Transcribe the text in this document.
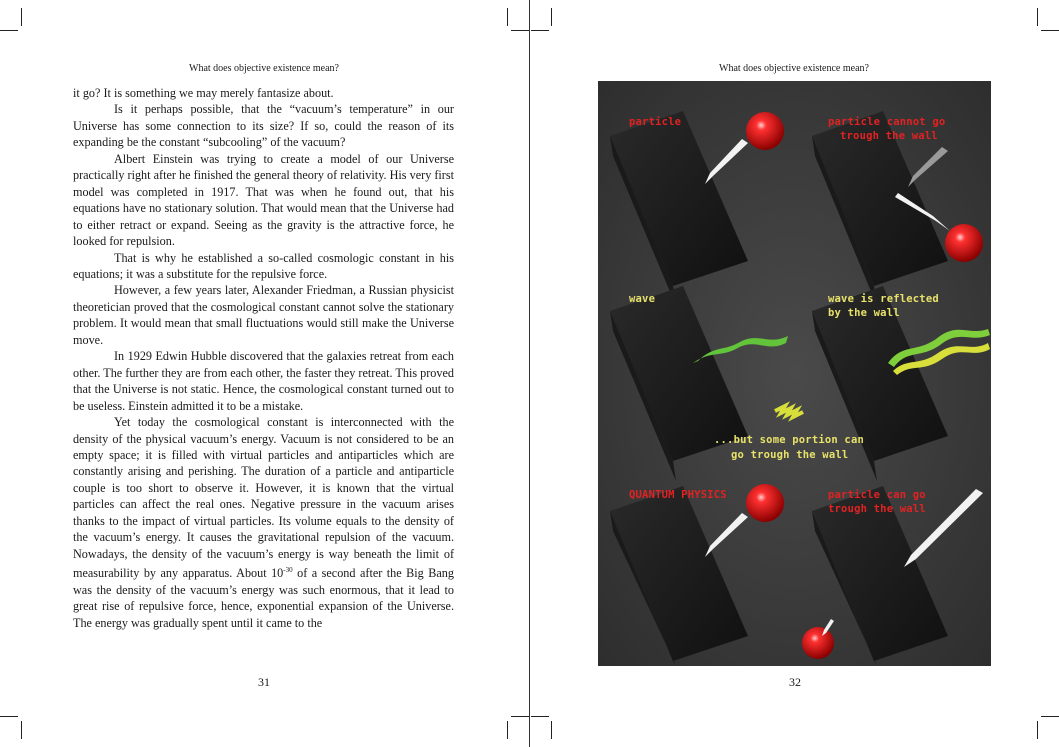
What does objective existence mean?

it go? It is something we may merely fantasize about.

Is it perhaps possible, that the “vacuum’s temperature” in our Universe has some connection to its size? If so, could the reason of its expanding be the constant “subcooling” of the vacuum?

Albert Einstein was trying to create a model of our Universe practically right after he finished the general theory of relativity. His very first model was completed in 1917. That was when he found out, that his equations have no stationary solution. That would mean that the Universe had to either retract or expand. Seeing as the gravity is the attractive force, he looked for repulsion.

That is why he established a so-called cosmologic constant in his equations; it was a substitute for the repulsive force.

However, a few years later, Alexander Friedman, a Russian physicist theoretician proved that the cosmological constant cannot solve the stationary problem. It would mean that small fluctuations would still make the Universe move.

In 1929 Edwin Hubble discovered that the galaxies retreat from each other. The further they are from each other, the faster they retreat. This proved that the Universe is not static. Hence, the cosmological constant turned out to be useless. Einstein admitted it to be a mistake.

Yet today the cosmological constant is interconnected with the density of the physical vacuum’s energy. Vacuum is not considered to be an empty space; it is filled with virtual particles and antiparticles which are constantly arising and perishing. The duration of a particle and antiparticle couple is too short to observe it. However, it is known that the virtual particles can affect the real ones. Negative pressure in the vacuum arises thanks to the impact of virtual particles. Its volume equals to the density of the vacuum’s energy. It causes the gravitational repulsion of the vacuum. Nowadays, the density of the vacuum’s energy is way beneath the limit of measurability by any apparatus. About $10^{-30}$ of a second after the Big Bang was the density of the vacuum’s energy was such enormous, that it lead to great rise of repulsive force, hence, exponential expansion of the Universe. The energy was gradually spent until it came to the

31
What does objective existence mean?
particle	particle cannot go
trough the wall
wave	wave is reflected
by the wall
...but some portion can
go trough the wall
QUANTUM PHYSICS	particle can go
trough the wall
32
